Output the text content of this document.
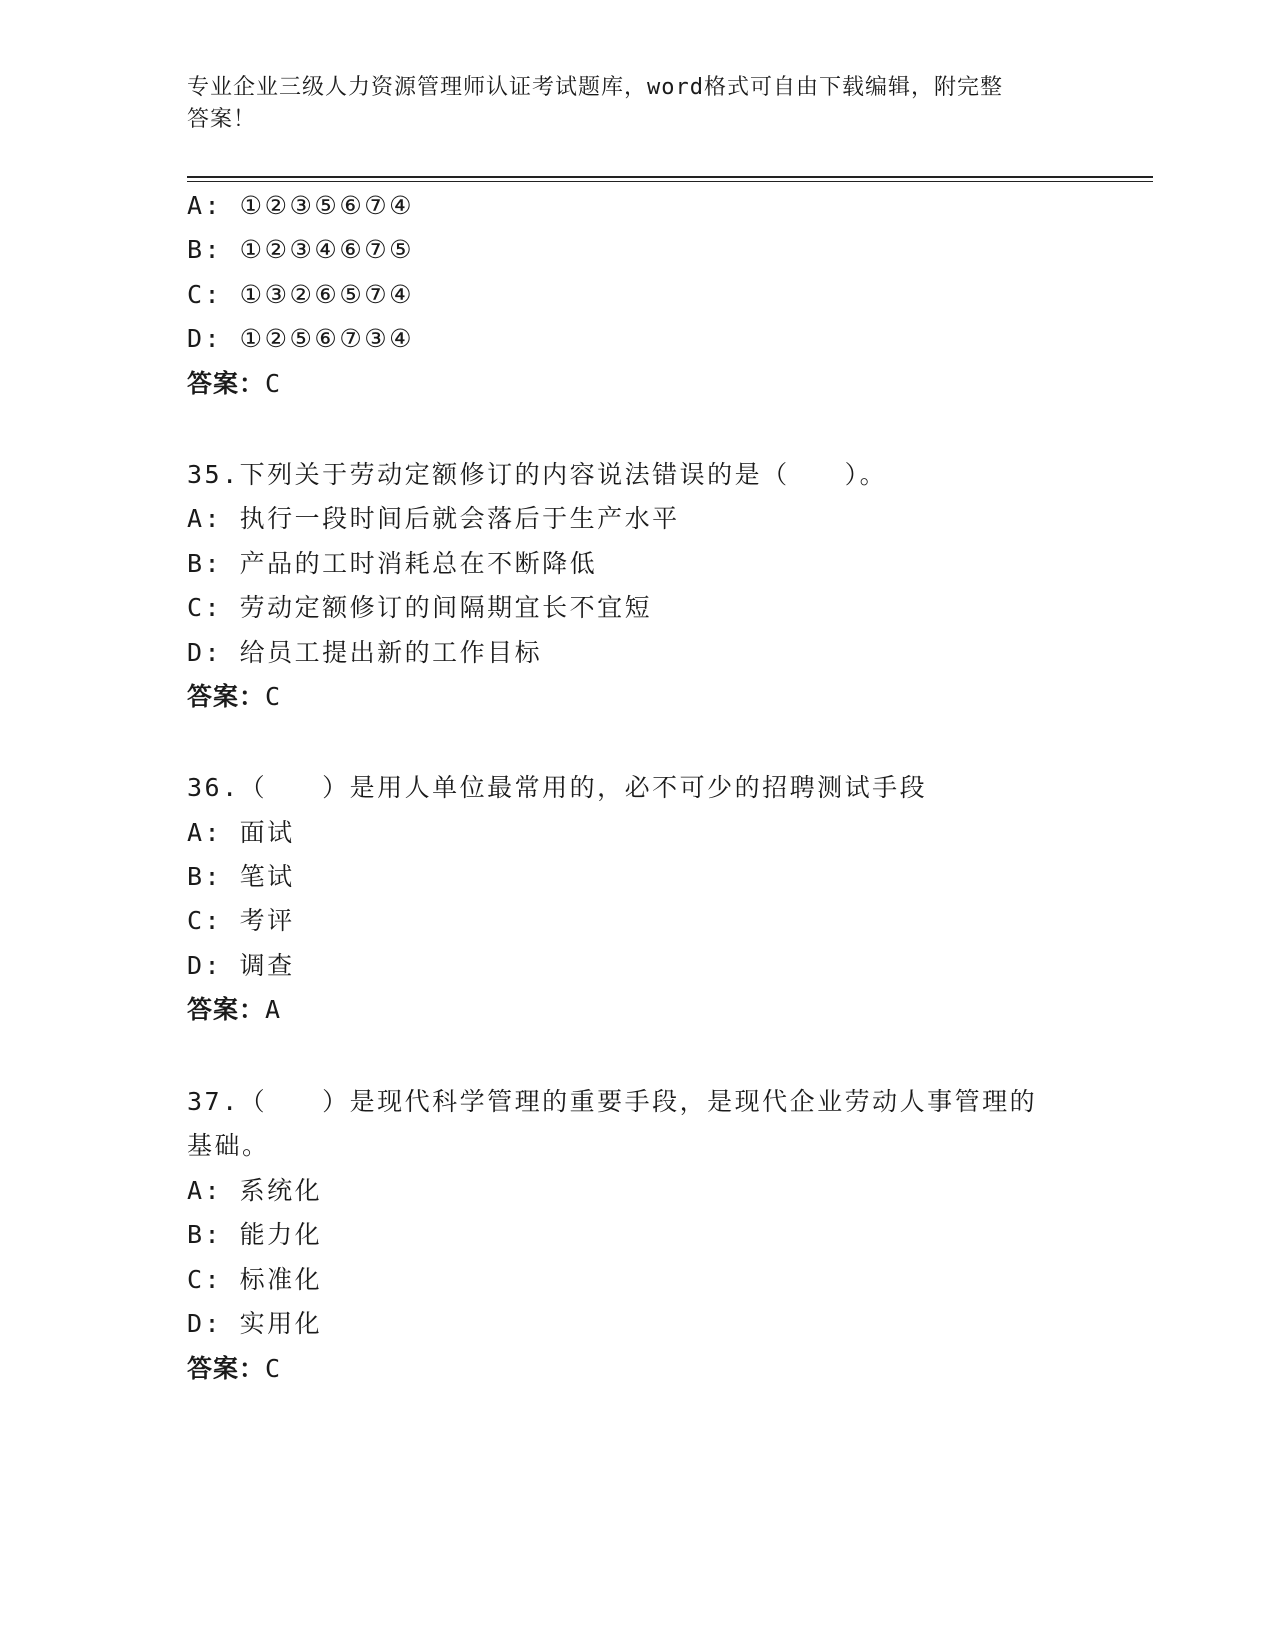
专业企业三级人力资源管理师认证考试题库，word格式可自由下载编辑，附完整
答案！
A: ①②③⑤⑥⑦④
B: ①②③④⑥⑦⑤
C: ①③②⑥⑤⑦④
D: ①②⑤⑥⑦③④
答案：C
35.下列关于劳动定额修订的内容说法错误的是（　　）。
A: 执行一段时间后就会落后于生产水平
B: 产品的工时消耗总在不断降低
C: 劳动定额修订的间隔期宜长不宜短
D: 给员工提出新的工作目标
答案：C
36.（　　）是用人单位最常用的，必不可少的招聘测试手段
A: 面试
B: 笔试
C: 考评
D: 调查
答案：A
37.（　　）是现代科学管理的重要手段，是现代企业劳动人事管理的
基础。
A: 系统化
B: 能力化
C: 标准化
D: 实用化
答案：C
